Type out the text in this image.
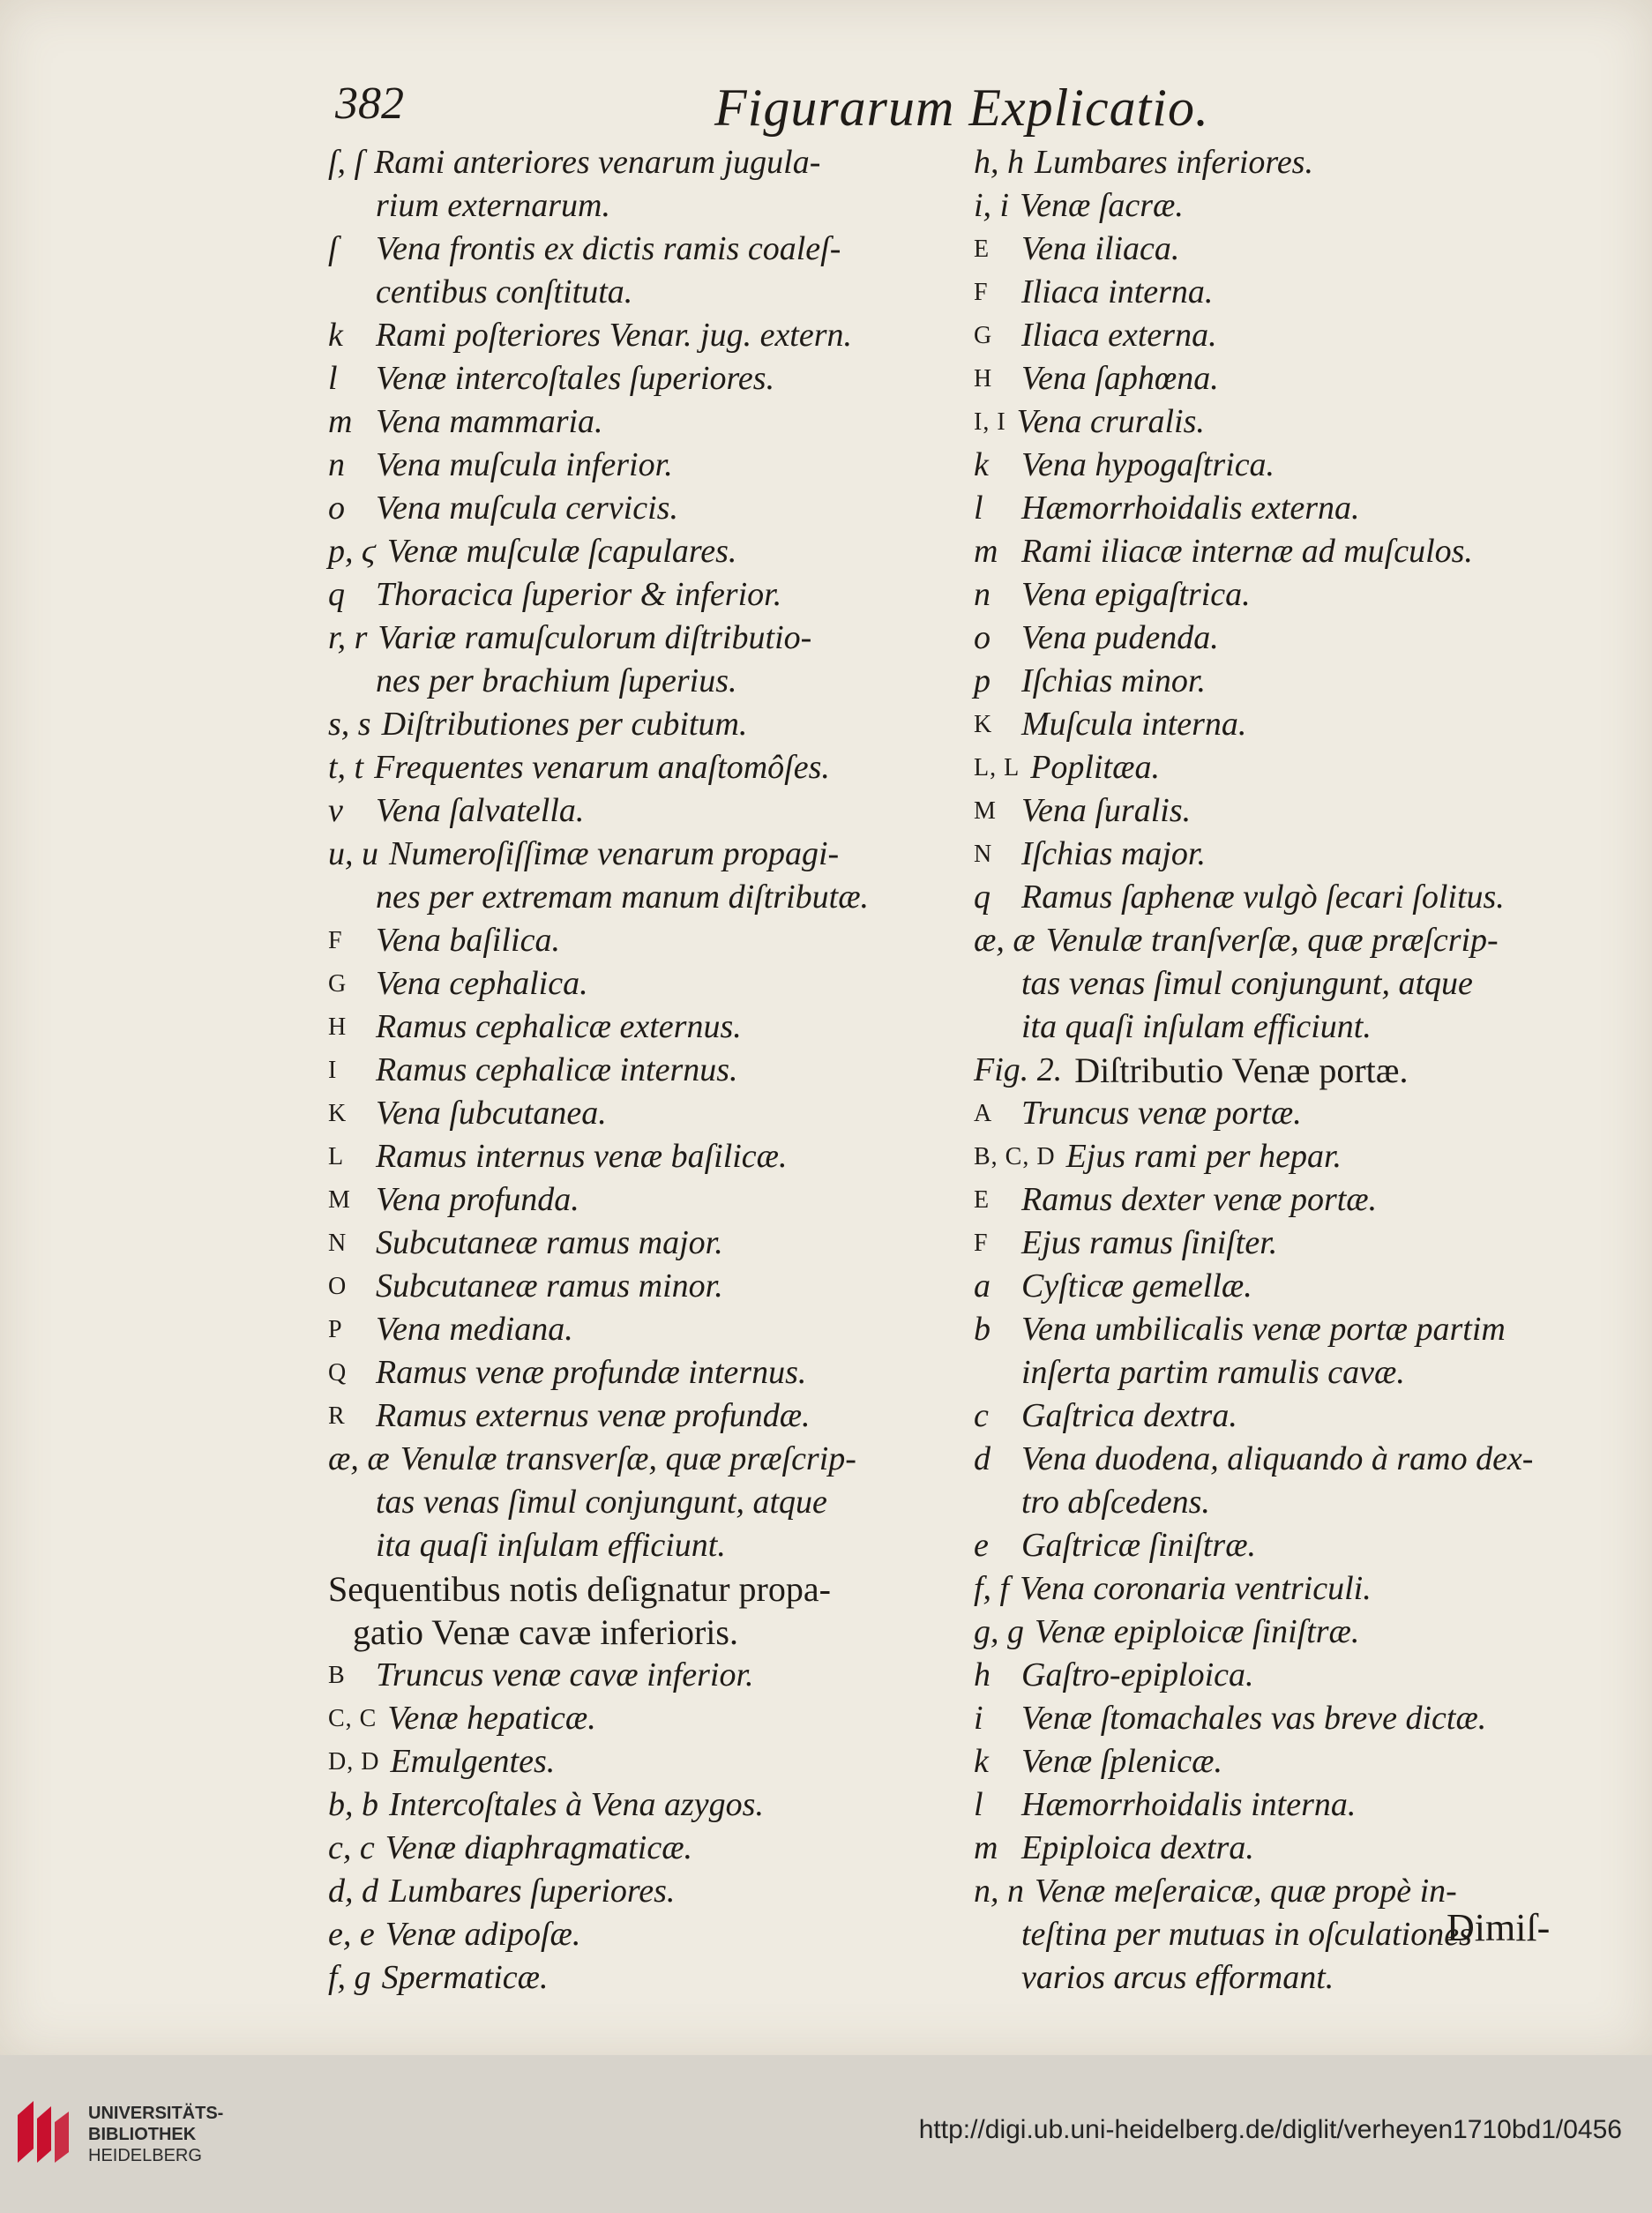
382	Figurarum Explicatio.
ſ, ſ Rami anteriores venarum jugula-
rium externarum.
ſ	Vena frontis ex dictis ramis coaleſ-
centibus conſtituta.
k Rami poſteriores Venar. jug. extern.
l	Venæ intercoſtales ſuperiores.
m Vena mammaria.
n Vena muſcula inferior.
o Vena muſcula cervicis.
p, ϛ Venæ muſculæ ſcapulares.
q Thoracica ſuperior & inferior.
r, r Variæ ramuſculorum diſtributio-
nes per brachium ſuperius.
s, s Diſtributiones per cubitum.
t, t Frequentes venarum anaſtomôſes.
v Vena ſalvatella.
u, u Numeroſiſſimæ venarum propagi-
nes per extremam manum diſtributæ.
F Vena baſilica.
G Vena cephalica.
H Ramus cephalicæ externus.
I	Ramus cephalicæ internus.
K Vena ſubcutanea.
L Ramus internus venæ baſilicæ.
M Vena profunda.
N Subcutaneæ ramus major.
O Subcutaneæ ramus minor.
P Vena mediana.
Q Ramus venæ profundæ internus.
R Ramus externus venæ profundæ.
æ, æ Venulæ transverſæ, quæ præſcrip-
tas venas ſimul conjungunt, atque
ita quaſi inſulam efficiunt.
Sequentibus notis deſignatur propa-
gatio Venæ cavæ inferioris.
B Truncus venæ cavæ inferior.
C, C Venæ hepaticæ.
D, D Emulgentes.
b, b Intercoſtales à Vena azygos.
c, c Venæ diaphragmaticæ.
d, d Lumbares ſuperiores.
e, e Venæ adipoſæ.
f, g Spermaticæ.
h, h Lumbares inferiores.
i, i Venæ ſacræ.
E Vena iliaca.
F Iliaca interna.
G Iliaca externa.
H Vena ſaphœna.
I, I Vena cruralis.
k Vena hypogaſtrica.
l	Hæmorrhoidalis externa.
m Rami iliacæ internæ ad muſculos.
n Vena epigaſtrica.
o Vena pudenda.
p Iſchias minor.
K Muſcula interna.
L, L Poplitæa.
M Vena ſuralis.
N Iſchias major.
q Ramus ſaphenæ vulgò ſecari ſolitus.
æ, æ Venulæ tranſverſæ, quæ præſcrip-
tas venas ſimul conjungunt, atque
ita quaſi inſulam efficiunt.
Fig. 2. Diſtributio Venæ portæ.
A Truncus venæ portæ.
B, C, D Ejus rami per hepar.
E Ramus dexter venæ portæ.
F Ejus ramus ſiniſter.
a Cyſticæ gemellæ.
b Vena umbilicalis venæ portæ partim
inſerta partim ramulis cavæ.
c Gaſtrica dextra.
d Vena duodena, aliquando à ramo dex-
tro abſcedens.
e Gaſtricæ ſiniſtræ.
f, f Vena coronaria ventriculi.
g, g Venæ epiploicæ ſiniſtræ.
h Gaſtro-epiploica.
i	Venæ ſtomachales vas breve dictæ.
k Venæ ſplenicæ.
l	Hæmorrhoidalis interna.
m Epiploica dextra.
n, n Venæ meſeraicæ, quæ propè in-
teſtina per mutuas in oſculationes
varios arcus efformant.
Dimiſ-
UNIVERSITÄTS-
BIBLIOTHEK
HEIDELBERG
http://digi.ub.uni-heidelberg.de/diglit/verheyen1710bd1/0456
